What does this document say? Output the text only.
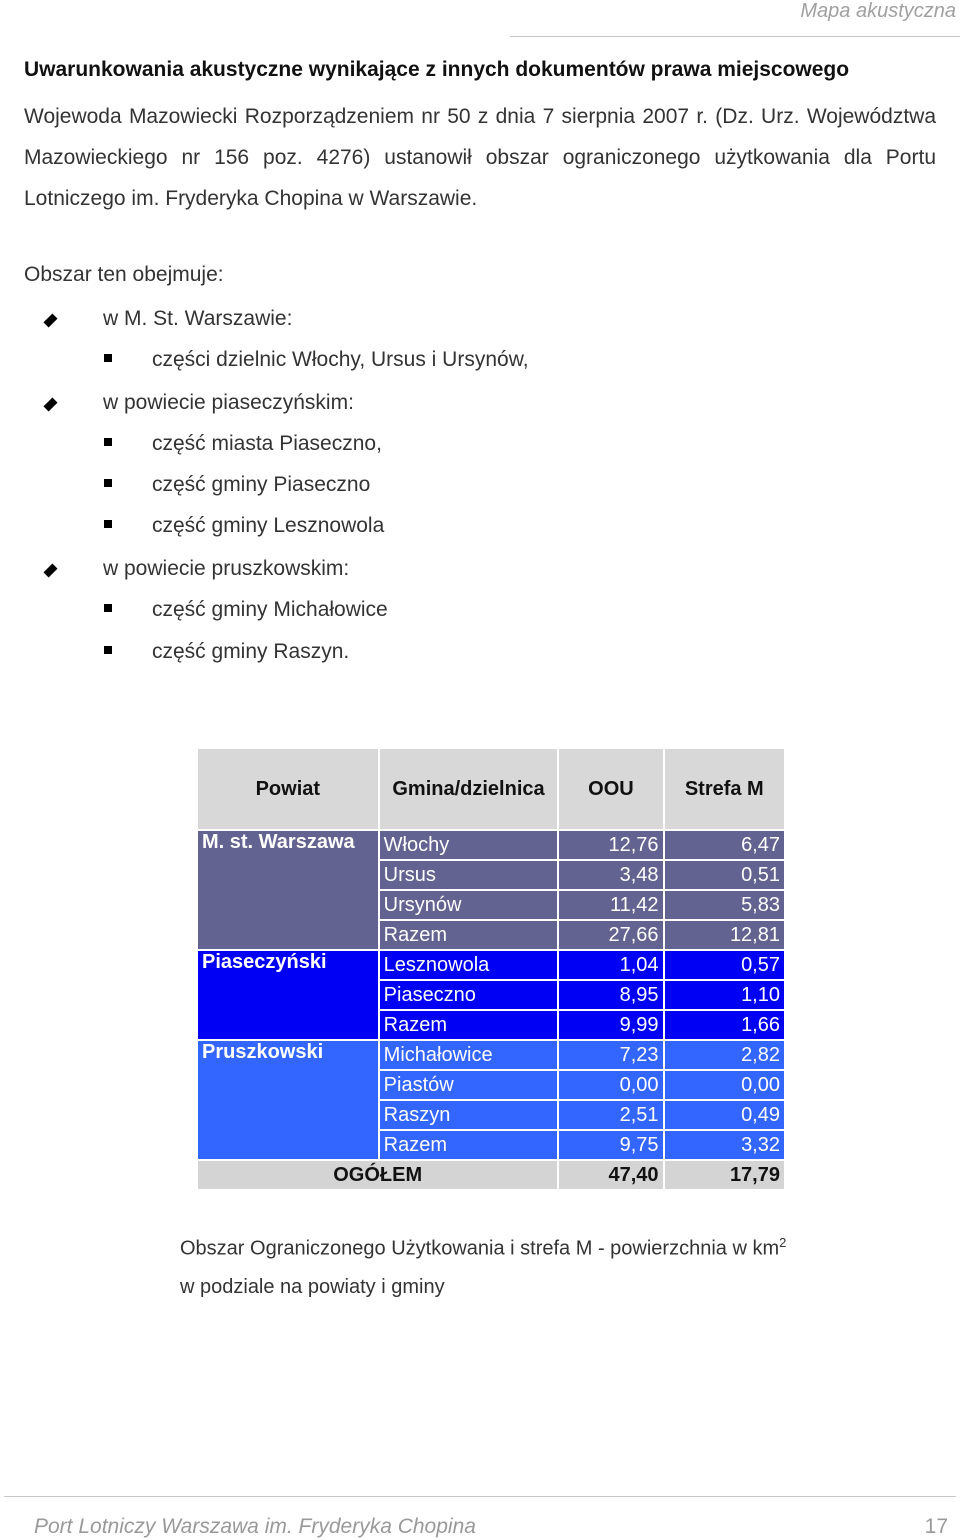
Mapa akustyczna
Uwarunkowania akustyczne wynikające z innych dokumentów prawa miejscowego
Wojewoda Mazowiecki Rozporządzeniem nr 50 z dnia 7 sierpnia 2007 r. (Dz. Urz. Województwa Mazowieckiego nr 156 poz. 4276) ustanowił obszar ograniczonego użytkowania dla Portu Lotniczego im. Fryderyka Chopina w Warszawie.
Obszar ten obejmuje:
w M. St. Warszawie:
części dzielnic Włochy, Ursus i Ursynów,
w powiecie piaseczyńskim:
część miasta Piaseczno,
część gminy Piaseczno
część gminy Lesznowola
w powiecie pruszkowskim:
część gminy Michałowice
część gminy Raszyn.
Powiat	Gmina/dzielnica	OOU	Strefa M
M. st. Warszawa	Włochy	12,76	6,47
	Ursus	3,48	0,51
	Ursynów	11,42	5,83
	Razem	27,66	12,81
Piaseczyński	Lesznowola	1,04	0,57
	Piaseczno	8,95	1,10
	Razem	9,99	1,66
Pruszkowski	Michałowice	7,23	2,82
	Piastów	0,00	0,00
	Raszyn	2,51	0,49
	Razem	9,75	3,32
OGÓŁEM		47,40	17,79
Obszar Ograniczonego Użytkowania i strefa M - powierzchnia w $km^2$
w podziale na powiaty i gminy
Port Lotniczy Warszawa im. Fryderyka Chopina	17
